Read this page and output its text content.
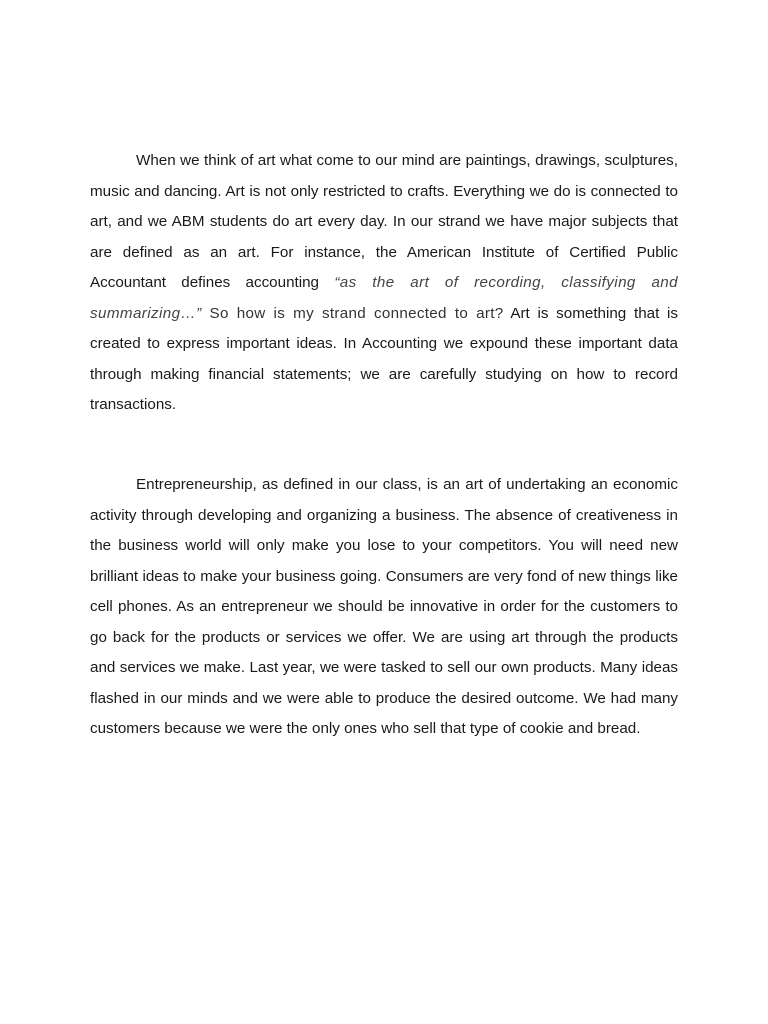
When we think of art what come to our mind are paintings, drawings, sculptures, music and dancing. Art is not only restricted to crafts. Everything we do is connected to art, and we ABM students do art every day. In our strand we have major subjects that are defined as an art. For instance, the American Institute of Certified Public Accountant defines accounting “as the art of recording, classifying and summarizing…” So how is my strand connected to art? Art is something that is created to express important ideas. In Accounting we expound these important data through making financial statements; we are carefully studying on how to record transactions.

Entrepreneurship, as defined in our class, is an art of undertaking an economic activity through developing and organizing a business. The absence of creativeness in the business world will only make you lose to your competitors. You will need new brilliant ideas to make your business going. Consumers are very fond of new things like cell phones. As an entrepreneur we should be innovative in order for the customers to go back for the products or services we offer. We are using art through the products and services we make. Last year, we were tasked to sell our own products. Many ideas flashed in our minds and we were able to produce the desired outcome. We had many customers because we were the only ones who sell that type of cookie and bread.
